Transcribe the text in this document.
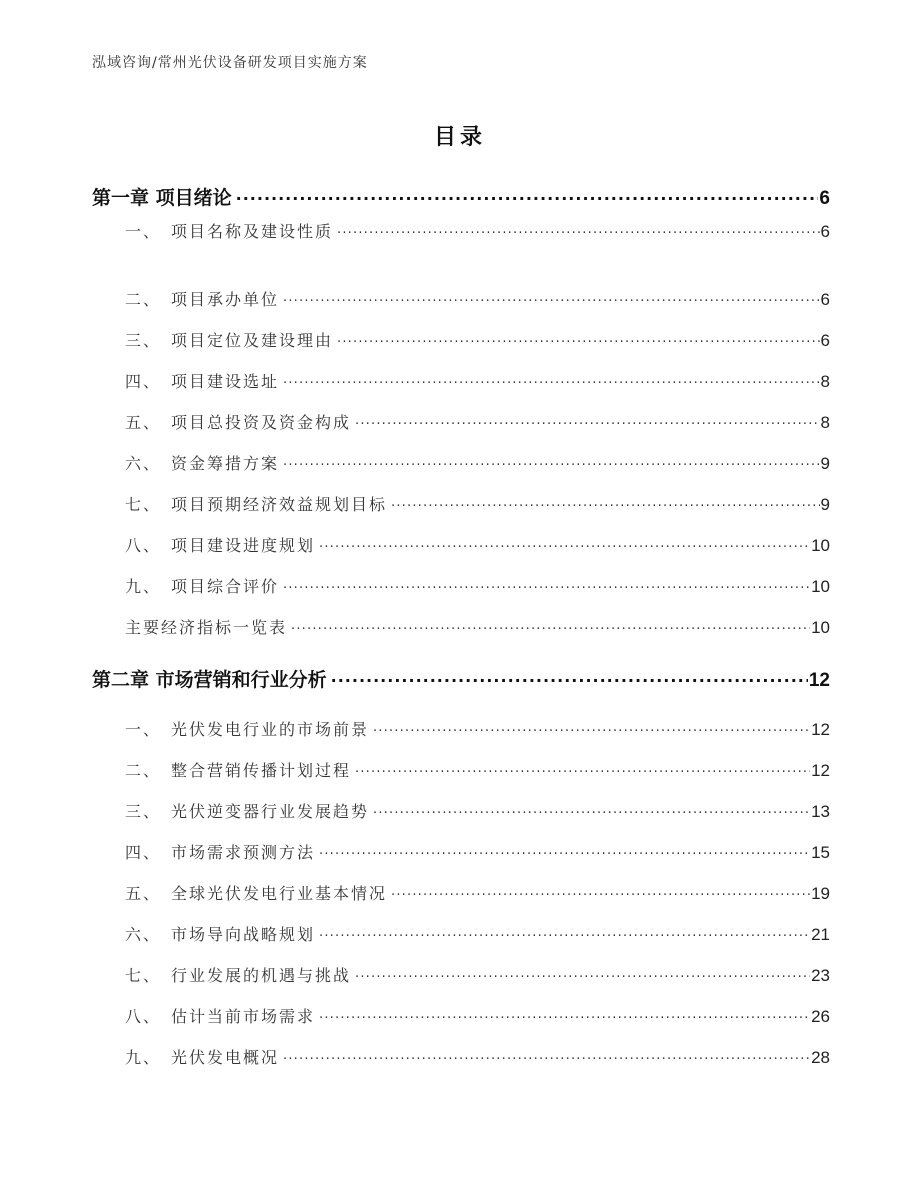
泓域咨询/常州光伏设备研发项目实施方案
目录
第一章 项目绪论 .....	6
一、 项目名称及建设性质 .....	6
二、 项目承办单位 .....	6
三、 项目定位及建设理由 .....	6
四、 项目建设选址 .....	8
五、 项目总投资及资金构成 .....	8
六、 资金筹措方案 .....	9
七、 项目预期经济效益规划目标 .....	9
八、 项目建设进度规划 .....	10
九、 项目综合评价 .....	10
主要经济指标一览表 .....	10
第二章 市场营销和行业分析 .....	12
一、 光伏发电行业的市场前景 .....	12
二、 整合营销传播计划过程 .....	12
三、 光伏逆变器行业发展趋势 .....	13
四、 市场需求预测方法 .....	15
五、 全球光伏发电行业基本情况 .....	19
六、 市场导向战略规划 .....	21
七、 行业发展的机遇与挑战 .....	23
八、 估计当前市场需求 .....	26
九、 光伏发电概况 .....	28
